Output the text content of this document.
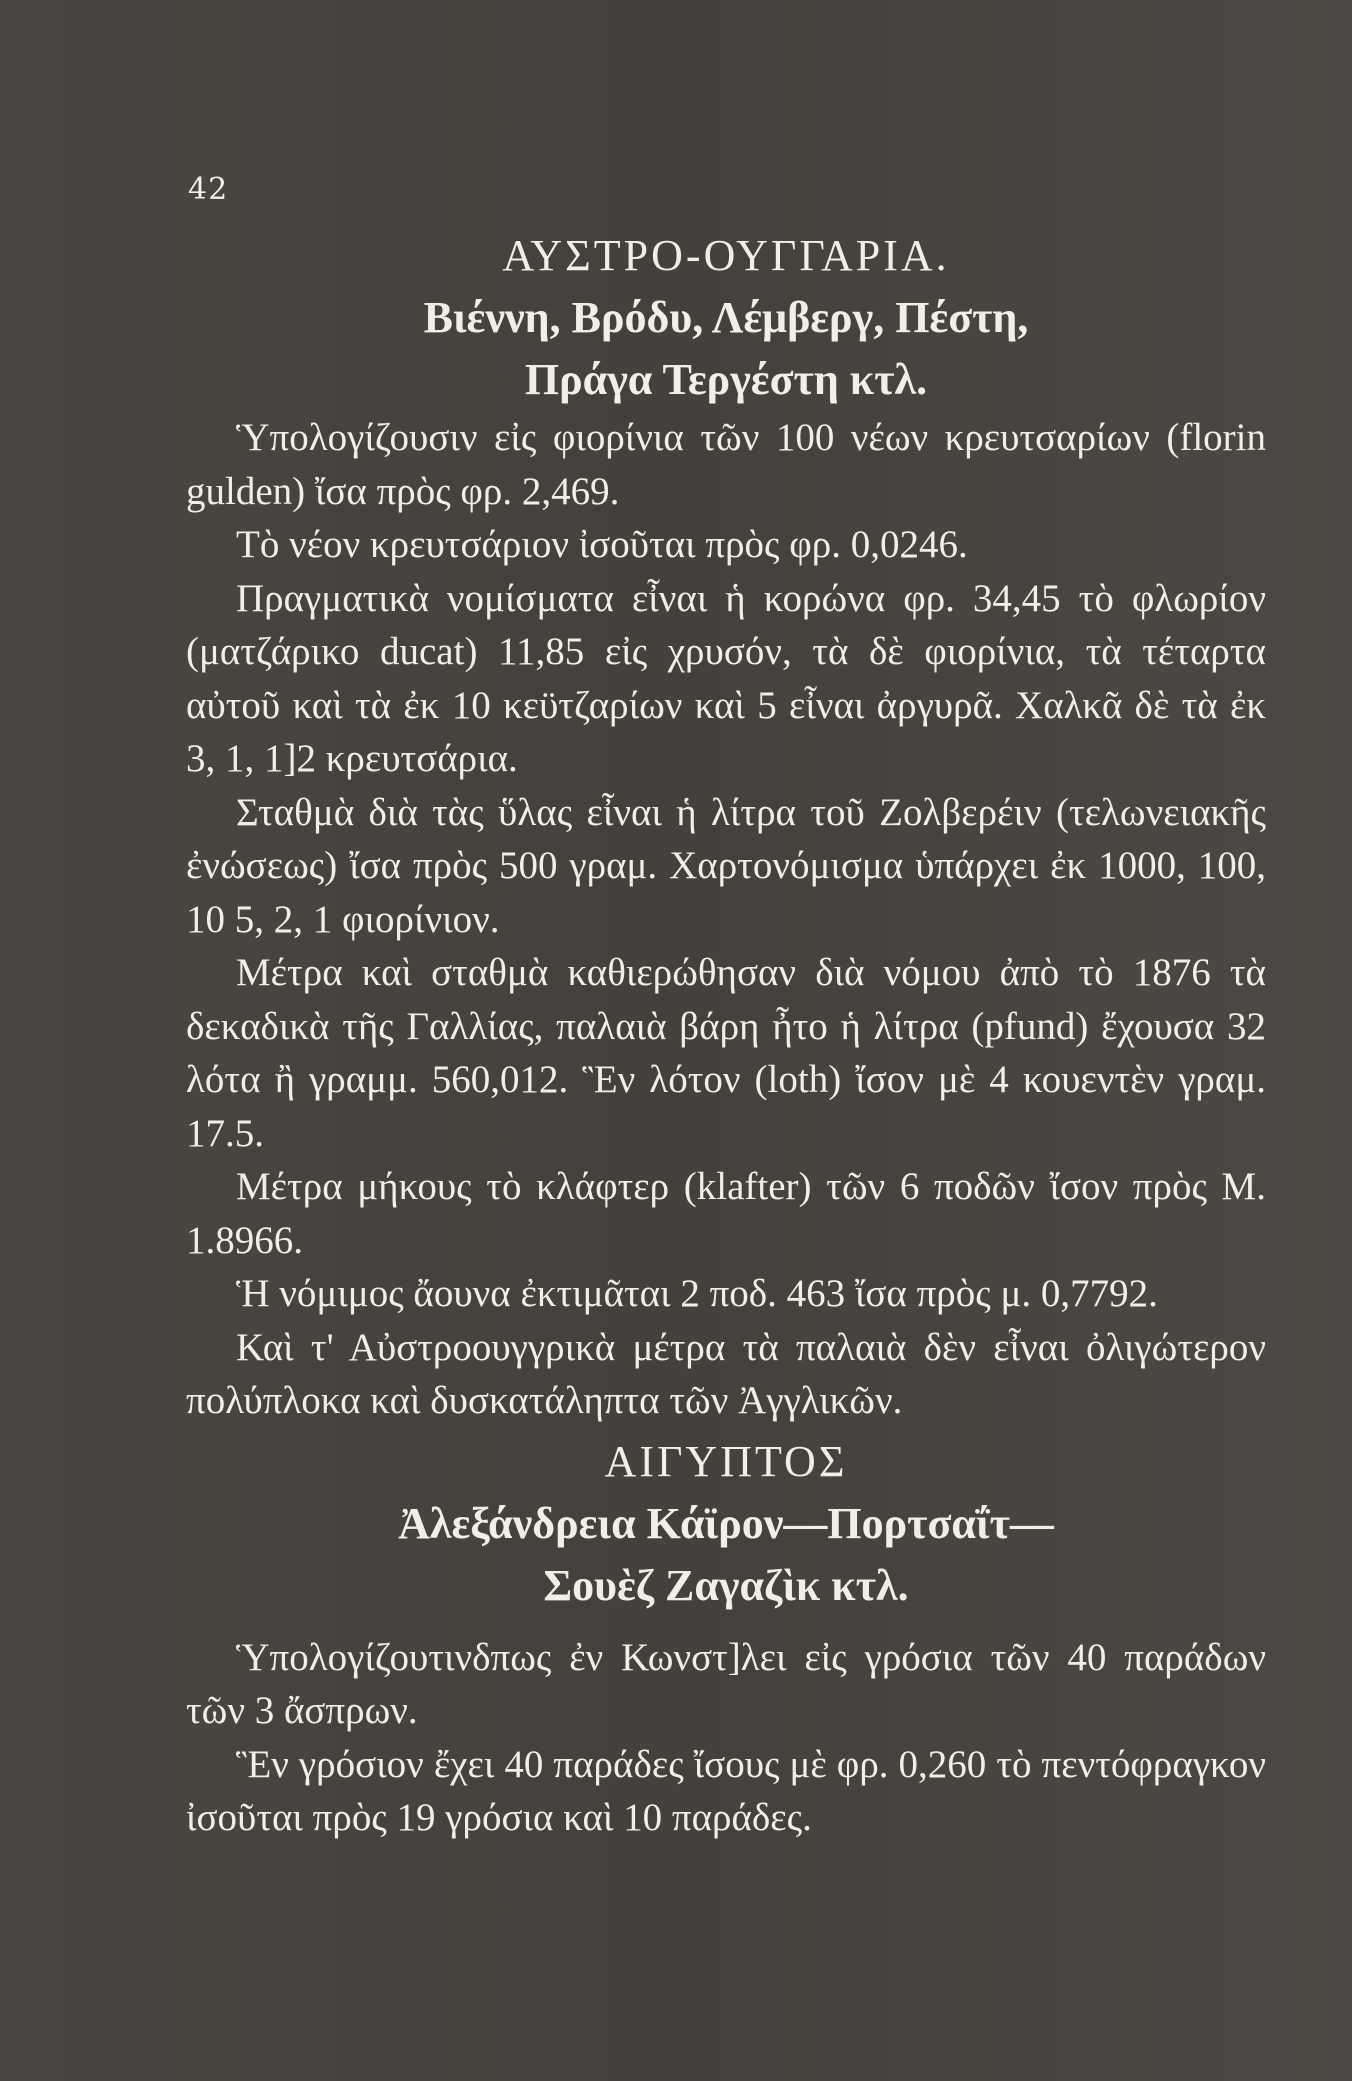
42
ΑΥΣΤΡΟ-ΟΥΓΓΑΡΙΑ.
Βιέννη, Βρόδυ, Λέμβεργ, Πέστη,
Πράγα Τεργέστη κτλ.

Ὑπολογίζουσιν εἰς φιορίνια τῶν 100 νέων κρευτσαρίων (florin gulden) ἴσα πρὸς φρ. 2,469.

Τὸ νέον κρευτσάριον ἰσοῦται πρὸς φρ. 0,0246.

Πραγματικὰ νομίσματα εἶναι ἡ κορώνα φρ. 34,45 τὸ φλωρίον (ματζάρικο ducat) 11,85 εἰς χρυσόν, τὰ δὲ φιορίνια, τὰ τέταρτα αὐτοῦ καὶ τὰ ἐκ 10 κεϋτζαρίων καὶ 5 εἶναι ἀργυρᾶ. Χαλκᾶ δὲ τὰ ἐκ 3, 1, 1]2 κρευτσάρια.

Σταθμὰ διὰ τὰς ὕλας εἶναι ἡ λίτρα τοῦ Ζολβερέιν (τελωνειακῆς ἐνώσεως) ἴσα πρὸς 500 γραμ. Χαρτονόμισμα ὑπάρχει ἐκ 1000, 100, 10 5, 2, 1 φιορίνιον.

Μέτρα καὶ σταθμὰ καθιερώθησαν διὰ νόμου ἀπὸ τὸ 1876 τὰ δεκαδικὰ τῆς Γαλλίας, παλαιὰ βάρη ἦτο ἡ λίτρα (pfund) ἔχουσα 32 λότα ἢ γραμμ. 560,012. Ἓν λότον (loth) ἴσον μὲ 4 κουεντὲν γραμ. 17.5.

Μέτρα μήκους τὸ κλάφτερ (klafter) τῶν 6 ποδῶν ἴσον πρὸς Μ. 1.8966.

Ἡ νόμιμος ἄουνα ἐκτιμᾶται 2 ποδ. 463 ἴσα πρὸς μ. 0,7792.

Καὶ τ' Αὐστροουγγρικὰ μέτρα τὰ παλαιὰ δὲν εἶναι ὀλιγώτερον πολύπλοκα καὶ δυσκατάληπτα τῶν Ἀγγλικῶν.

ΑΙΓΥΠΤΟΣ
Ἀλεξάνδρεια Κάϊρον—Πορτσαΐτ—
Σουὲζ Ζαγαζὶκ κτλ.

Ὑπολογίζουτινδπως ἐν Κωνστ]λει εἰς γρόσια τῶν 40 παράδων τῶν 3 ἄσπρων.

Ἓν γρόσιον ἔχει 40 παράδες ἴσους μὲ φρ. 0,260 τὸ πεντόφραγκον ἰσοῦται πρὸς 19 γρόσια καὶ 10 παράδες.
